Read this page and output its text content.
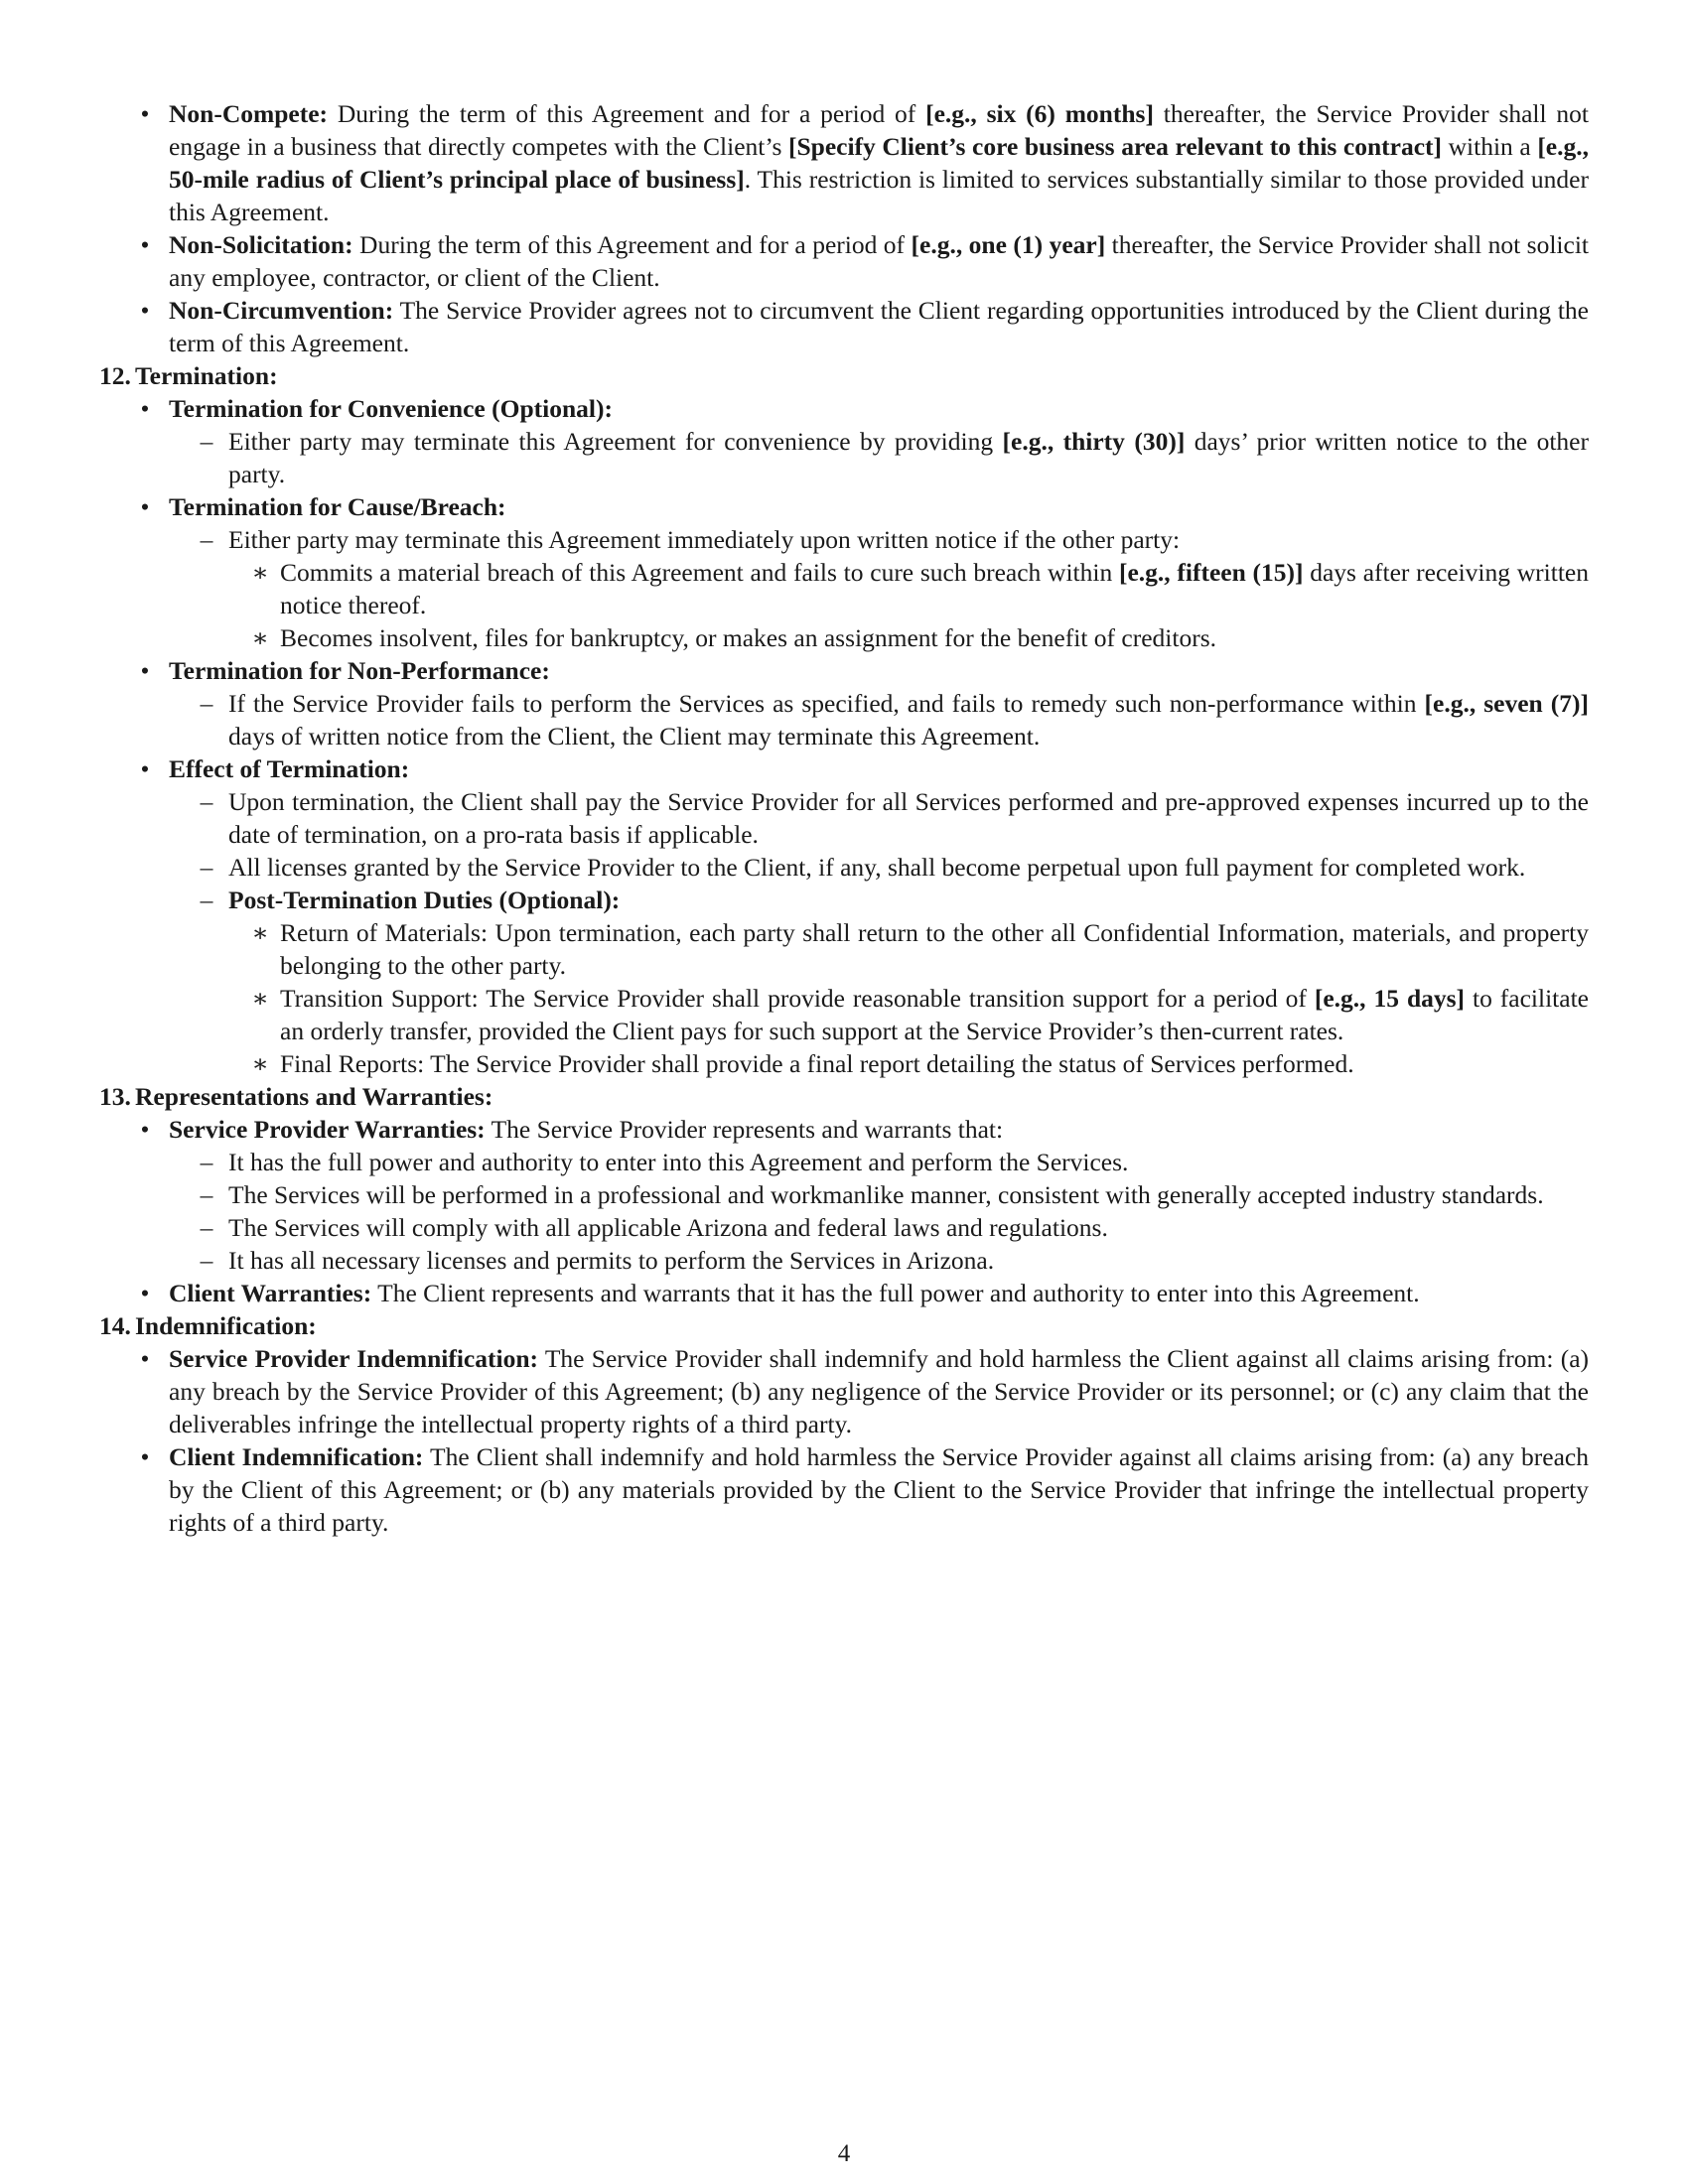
• Non-Compete: During the term of this Agreement and for a period of [e.g., six (6) months] thereafter, the Service Provider shall not engage in a business that directly competes with the Client’s [Specify Client’s core business area relevant to this contract] within a [e.g., 50-mile radius of Client’s principal place of business]. This restriction is limited to services substantially similar to those provided under this Agreement.

• Non-Solicitation: During the term of this Agreement and for a period of [e.g., one (1) year] thereafter, the Service Provider shall not solicit any employee, contractor, or client of the Client.

• Non-Circumvention: The Service Provider agrees not to circumvent the Client regarding opportunities introduced by the Client during the term of this Agreement.

12. Termination:

• Termination for Convenience (Optional):

– Either party may terminate this Agreement for convenience by providing [e.g., thirty (30)] days’ prior written notice to the other party.

• Termination for Cause/Breach:

– Either party may terminate this Agreement immediately upon written notice if the other party:

∗ Commits a material breach of this Agreement and fails to cure such breach within [e.g., fifteen (15)] days after receiving written notice thereof.

∗ Becomes insolvent, files for bankruptcy, or makes an assignment for the benefit of creditors.

• Termination for Non-Performance:

– If the Service Provider fails to perform the Services as specified, and fails to remedy such non-performance within [e.g., seven (7)] days of written notice from the Client, the Client may terminate this Agreement.

• Effect of Termination:

– Upon termination, the Client shall pay the Service Provider for all Services performed and pre-approved expenses incurred up to the date of termination, on a pro-rata basis if applicable.

– All licenses granted by the Service Provider to the Client, if any, shall become perpetual upon full payment for completed work.

– Post-Termination Duties (Optional):

∗ Return of Materials: Upon termination, each party shall return to the other all Confidential Information, materials, and property belonging to the other party.

∗ Transition Support: The Service Provider shall provide reasonable transition support for a period of [e.g., 15 days] to facilitate an orderly transfer, provided the Client pays for such support at the Service Provider’s then-current rates.

∗ Final Reports: The Service Provider shall provide a final report detailing the status of Services performed.

13. Representations and Warranties:

• Service Provider Warranties: The Service Provider represents and warrants that:

– It has the full power and authority to enter into this Agreement and perform the Services.

– The Services will be performed in a professional and workmanlike manner, consistent with generally accepted industry standards.

– The Services will comply with all applicable Arizona and federal laws and regulations.

– It has all necessary licenses and permits to perform the Services in Arizona.

• Client Warranties: The Client represents and warrants that it has the full power and authority to enter into this Agreement.

14. Indemnification:

• Service Provider Indemnification: The Service Provider shall indemnify and hold harmless the Client against all claims arising from: (a) any breach by the Service Provider of this Agreement; (b) any negligence of the Service Provider or its personnel; or (c) any claim that the deliverables infringe the intellectual property rights of a third party.

• Client Indemnification: The Client shall indemnify and hold harmless the Service Provider against all claims arising from: (a) any breach by the Client of this Agreement; or (b) any materials provided by the Client to the Service Provider that infringe the intellectual property rights of a third party.

4
